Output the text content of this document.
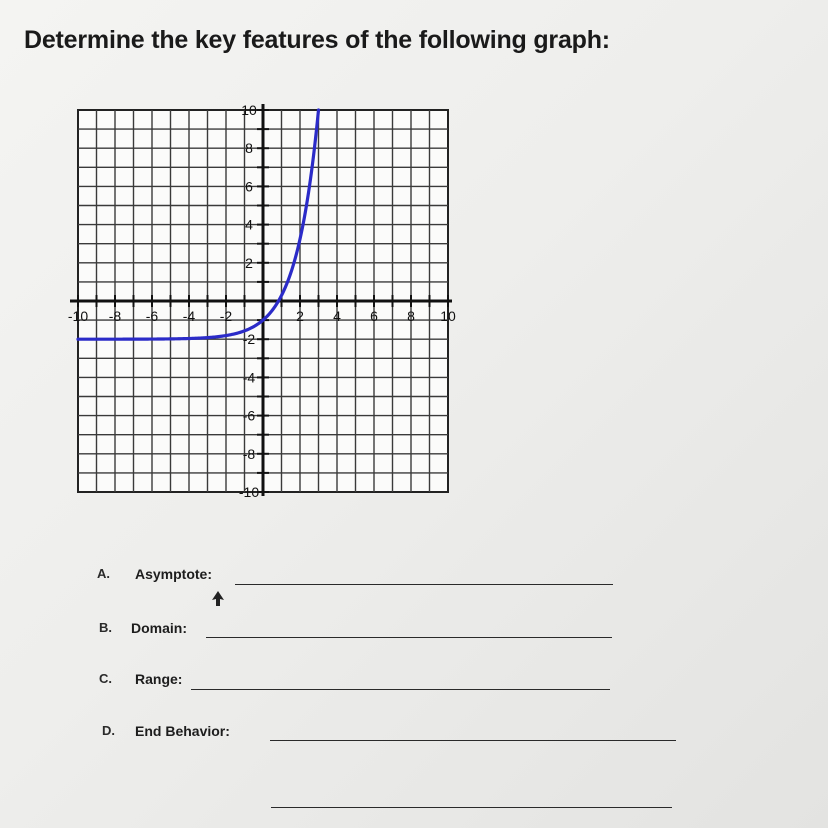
Determine the key features of the following graph:
-10 -8 -6 -4 -2	2 4 6 8 10
10
8
6
4
2
-2
-4
-6
-8
-10
A. Asymptote:
B. Domain:
C. Range:
D. End Behavior:
